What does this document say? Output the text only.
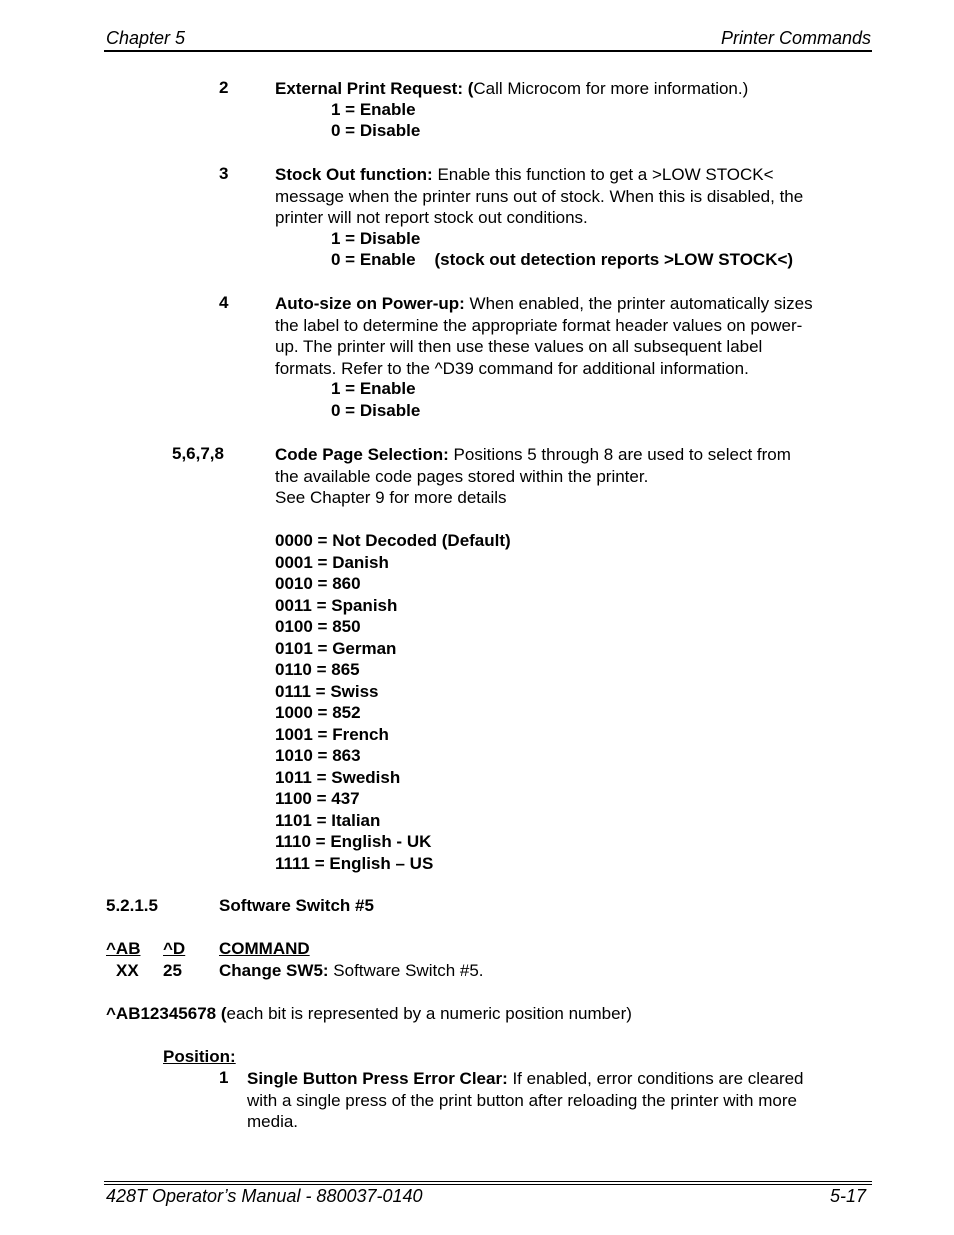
Chapter 5	Printer Commands
2	External Print Request: (Call Microcom for more information.)
1 = Enable
0 = Disable
3	Stock Out function: Enable this function to get a >LOW STOCK<
message when the printer runs out of stock. When this is disabled, the
printer will not report stock out conditions.
1 = Disable
0 = Enable    (stock out detection reports >LOW STOCK<)
4	Auto-size on Power-up: When enabled, the printer automatically sizes
the label to determine the appropriate format header values on power-
up. The printer will then use these values on all subsequent label
formats. Refer to the ^D39 command for additional information.
1 = Enable
0 = Disable
5,6,7,8	Code Page Selection: Positions 5 through 8 are used to select from
the available code pages stored within the printer.
See Chapter 9 for more details
0000 = Not Decoded (Default)
0001 = Danish
0010 = 860
0011 = Spanish
0100 = 850
0101 = German
0110 = 865
0111 = Swiss
1000 = 852
1001 = French
1010 = 863
1011 = Swedish
1100 = 437
1101 = Italian
1110 = English - UK
1111 = English – US
5.2.1.5	Software Switch #5
^AB ^D COMMAND
XX 25 Change SW5: Software Switch #5.
^AB12345678 (each bit is represented by a numeric position number)
Position:
1 Single Button Press Error Clear: If enabled, error conditions are cleared
with a single press of the print button after reloading the printer with more
media.
428T Operator’s Manual - 880037-0140	5-17
